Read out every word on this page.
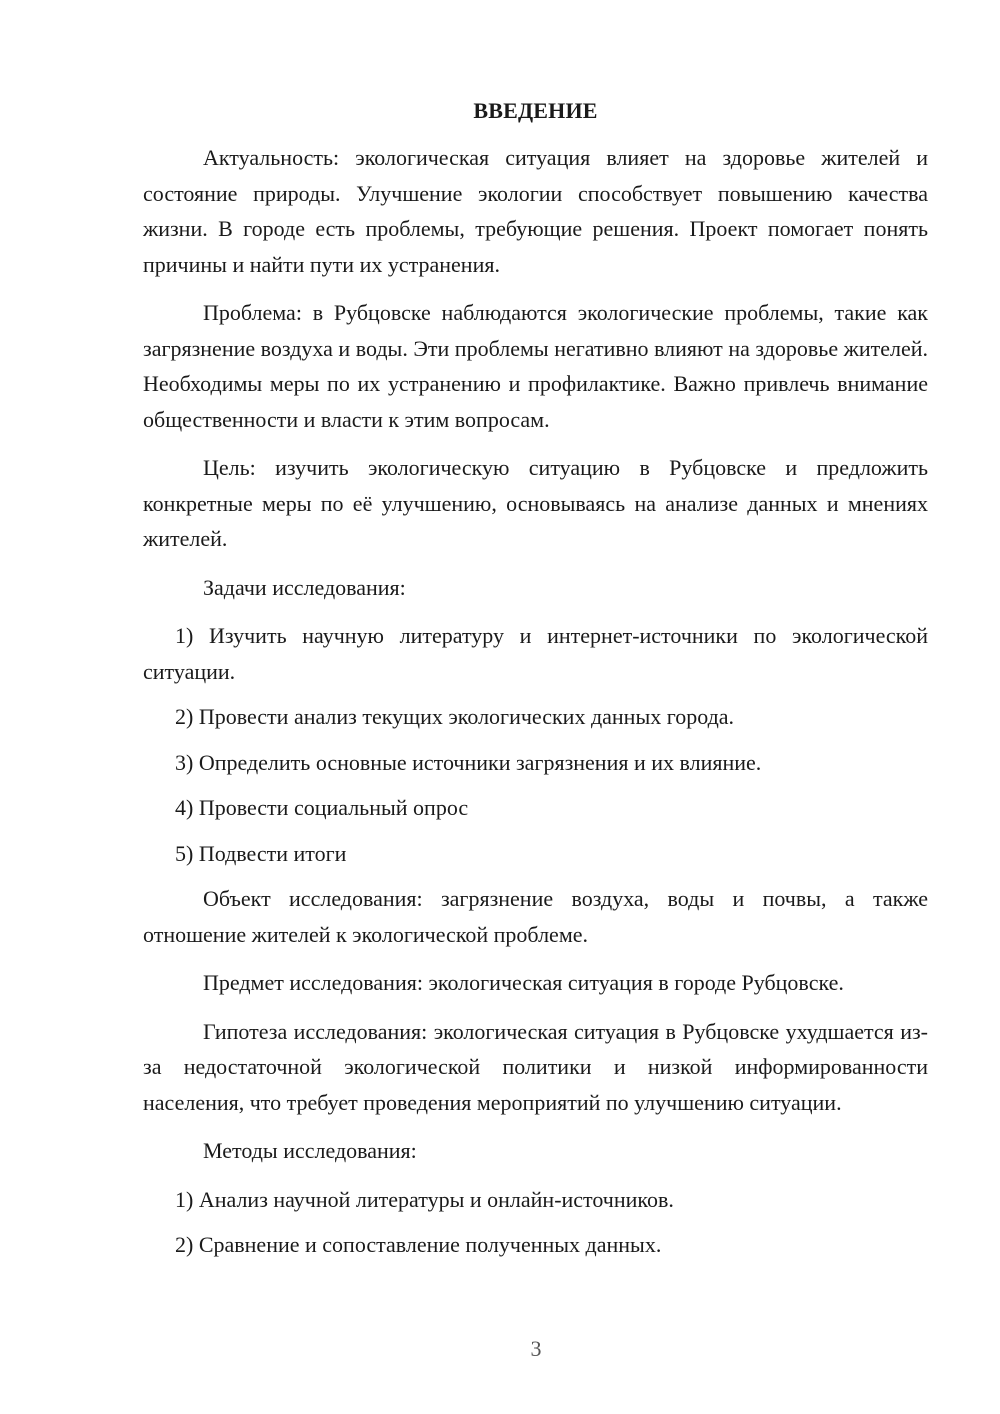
ВВЕДЕНИЕ

Актуальность: экологическая ситуация влияет на здоровье жителей и состояние природы. Улучшение экологии способствует повышению качества жизни. В городе есть проблемы, требующие решения. Проект помогает понять причины и найти пути их устранения.

Проблема: в Рубцовске наблюдаются экологические проблемы, такие как загрязнение воздуха и воды. Эти проблемы негативно влияют на здоровье жителей. Необходимы меры по их устранению и профилактике. Важно привлечь внимание общественности и власти к этим вопросам.

Цель: изучить экологическую ситуацию в Рубцовске и предложить конкретные меры по её улучшению, основываясь на анализе данных и мнениях жителей.

Задачи исследования:

1) Изучить научную литературу и интернет-источники по экологической ситуации.

2) Провести анализ текущих экологических данных города.

3) Определить основные источники загрязнения и их влияние.

4) Провести социальный опрос

5) Подвести итоги

Объект исследования: загрязнение воздуха, воды и почвы, а также отношение жителей к экологической проблеме.

Предмет исследования: экологическая ситуация в городе Рубцовске.

Гипотеза исследования: экологическая ситуация в Рубцовске ухудшается из-за недостаточной экологической политики и низкой информированности населения, что требует проведения мероприятий по улучшению ситуации.

Методы исследования:

1) Анализ научной литературы и онлайн-источников.

2) Сравнение и сопоставление полученных данных.

3
